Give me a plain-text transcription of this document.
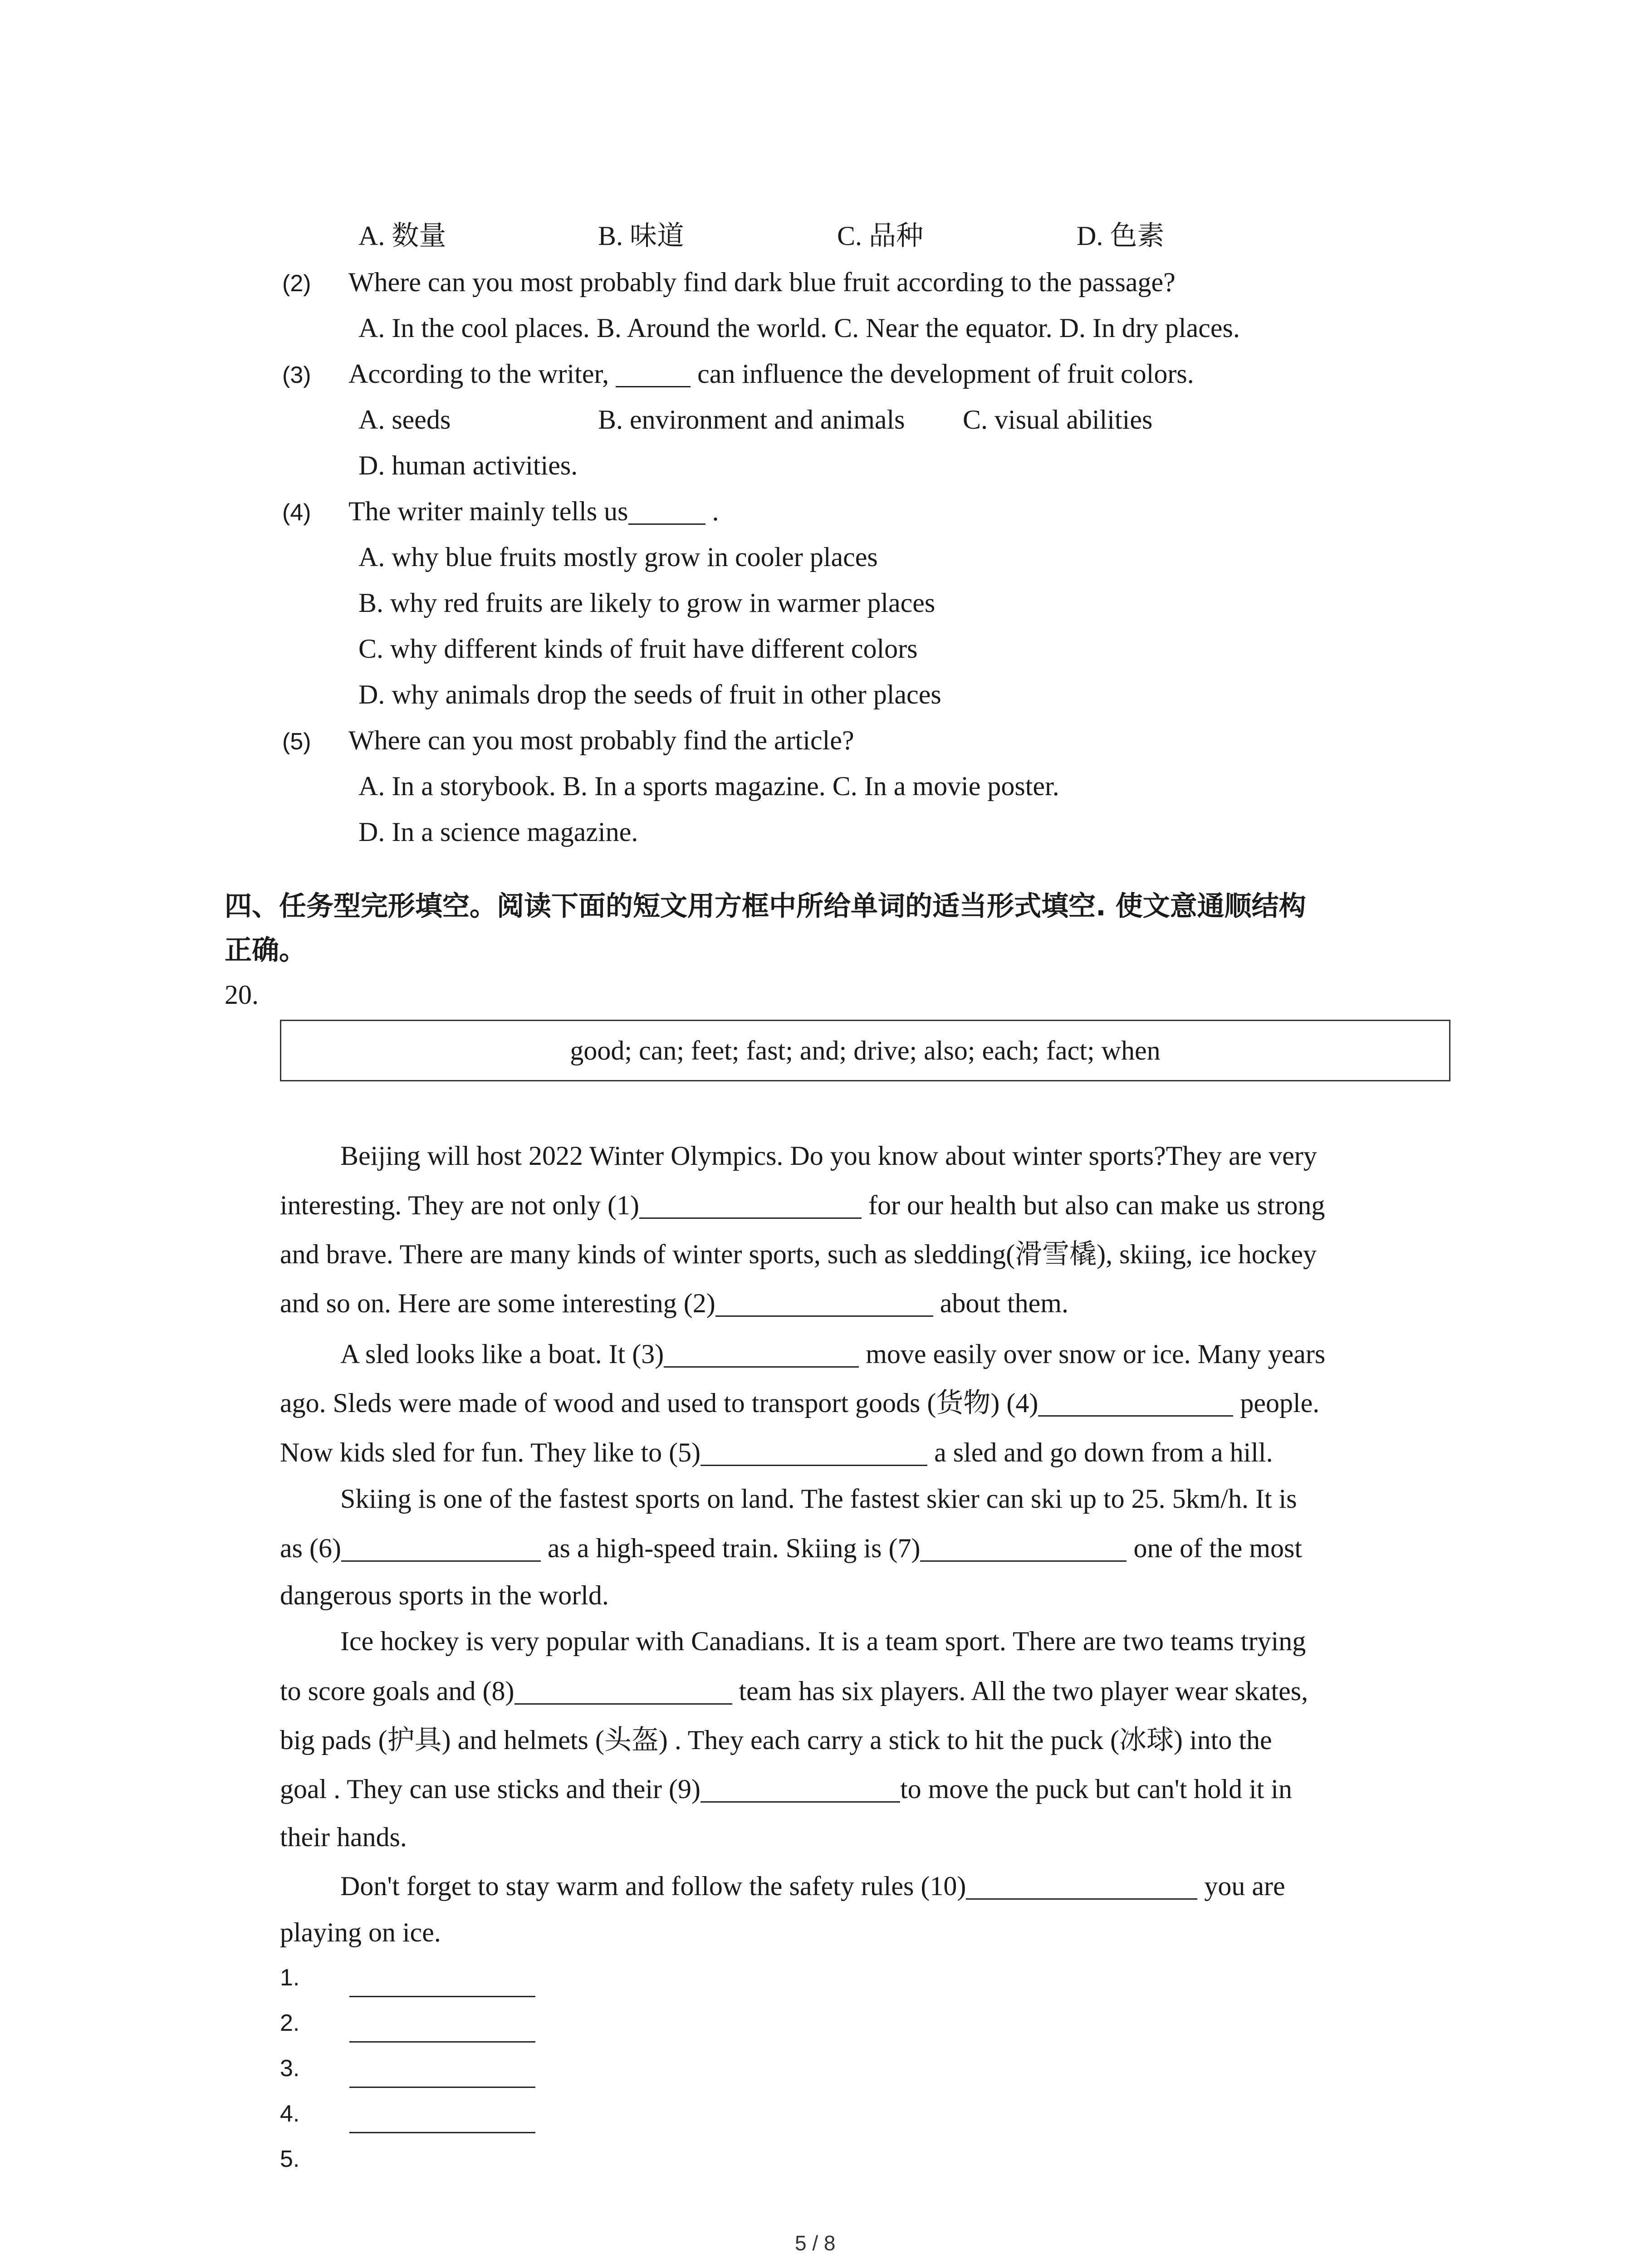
A. 数量	B. 味道	C. 品种	D. 色素
(2) Where can you most probably find dark blue fruit according to the passage?
A. In the cool places. B. Around the world. C. Near the equator. D. In dry places.
(3) According to the writer,	can influence the development of fruit colors.
A. seeds	B. environment and animals C. visual abilities
D. human activities.
(4) The writer mainly tells us	.
A. why blue fruits mostly grow in cooler places
B. why red fruits are likely to grow in warmer places
C. why different kinds of fruit have different colors
D. why animals drop the seeds of fruit in other places
(5) Where can you most probably find the article?
A. In a storybook. B. In a sports magazine. C. In a movie poster.
D. In a science magazine.
四、任务型完形填空。阅读下面的短文用方框中所给单词的适当形式填空. 使文意通顺结构
正确。
20.
good; can; feet; fast; and; drive; also; each; fact; when
Beijing will host 2022 Winter Olympics. Do you know about winter sports?They are very
interesting. They are not only (1)	for our health but also can make us strong
and brave. There are many kinds of winter sports, such as sledding(滑雪橇), skiing, ice hockey
and so on. Here are some interesting (2)	about them.
A sled looks like a boat. It (3)	move easily over snow or ice. Many years
ago. Sleds were made of wood and used to transport goods (货物) (4)	people.
Now kids sled for fun. They like to (5)	a sled and go down from a hill.
Skiing is one of the fastest sports on land. The fastest skier can ski up to 25. 5km/h. It is
as (6)	as a high-speed train. Skiing is (7)	one of the most
dangerous sports in the world.
Ice hockey is very popular with Canadians. It is a team sport. There are two teams trying
to score goals and (8)	team has six players. All the two player wear skates,
big pads (护具) and helmets (头盔) . They each carry a stick to hit the puck (冰球) into the
goal . They can use sticks and their (9)	to move the puck but can't hold it in
their hands.
Don't forget to stay warm and follow the safety rules (10)	you are
playing on ice.
1.
2.
3.
4.
5.
5 / 8
